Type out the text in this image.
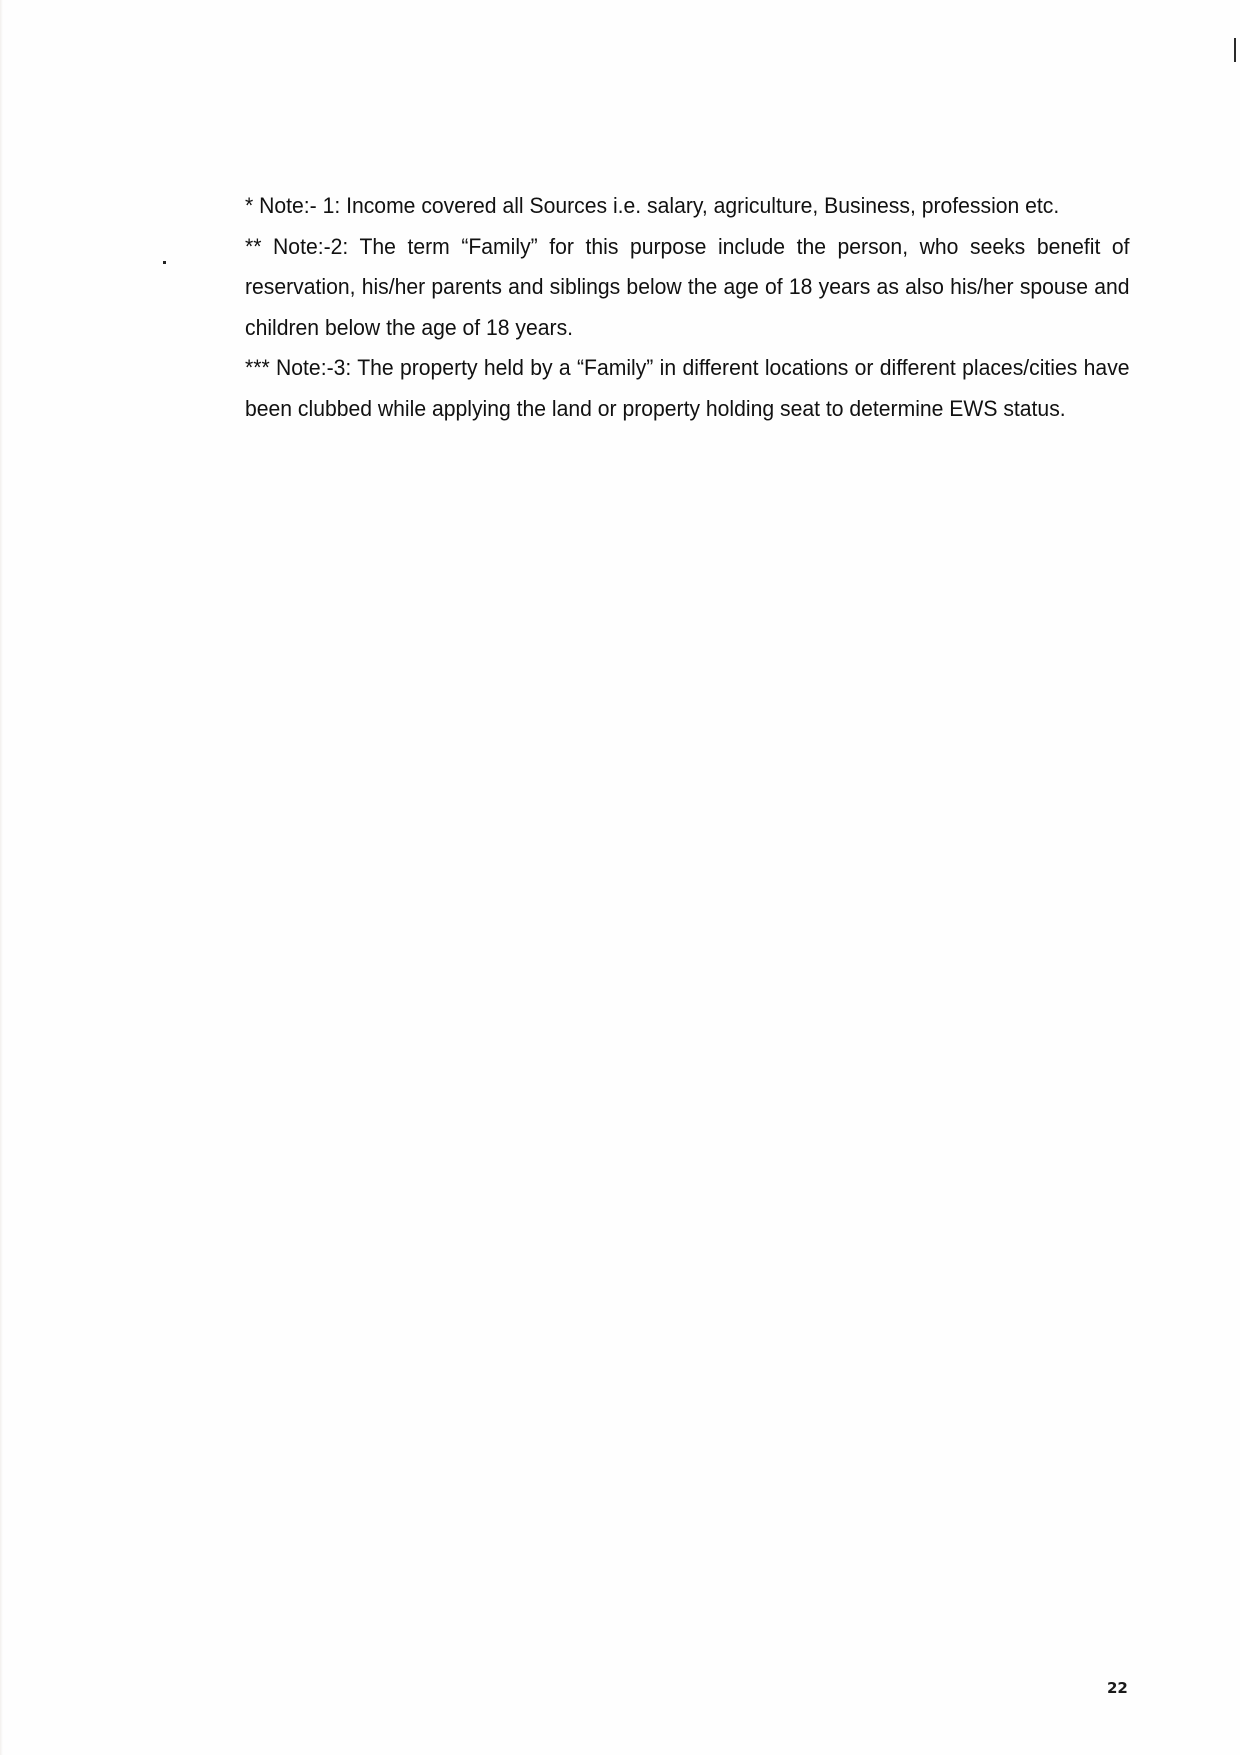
* Note:- 1: Income covered all Sources i.e. salary, agriculture, Business, profession etc.

** Note:-2: The term “Family” for this purpose include the person, who seeks benefit of reservation, his/her parents and siblings below the age of 18 years as also his/her spouse and children below the age of 18 years.

*** Note:-3: The property held by a “Family” in different locations or different places/cities have been clubbed while applying the land or property holding seat to determine EWS status.

22
